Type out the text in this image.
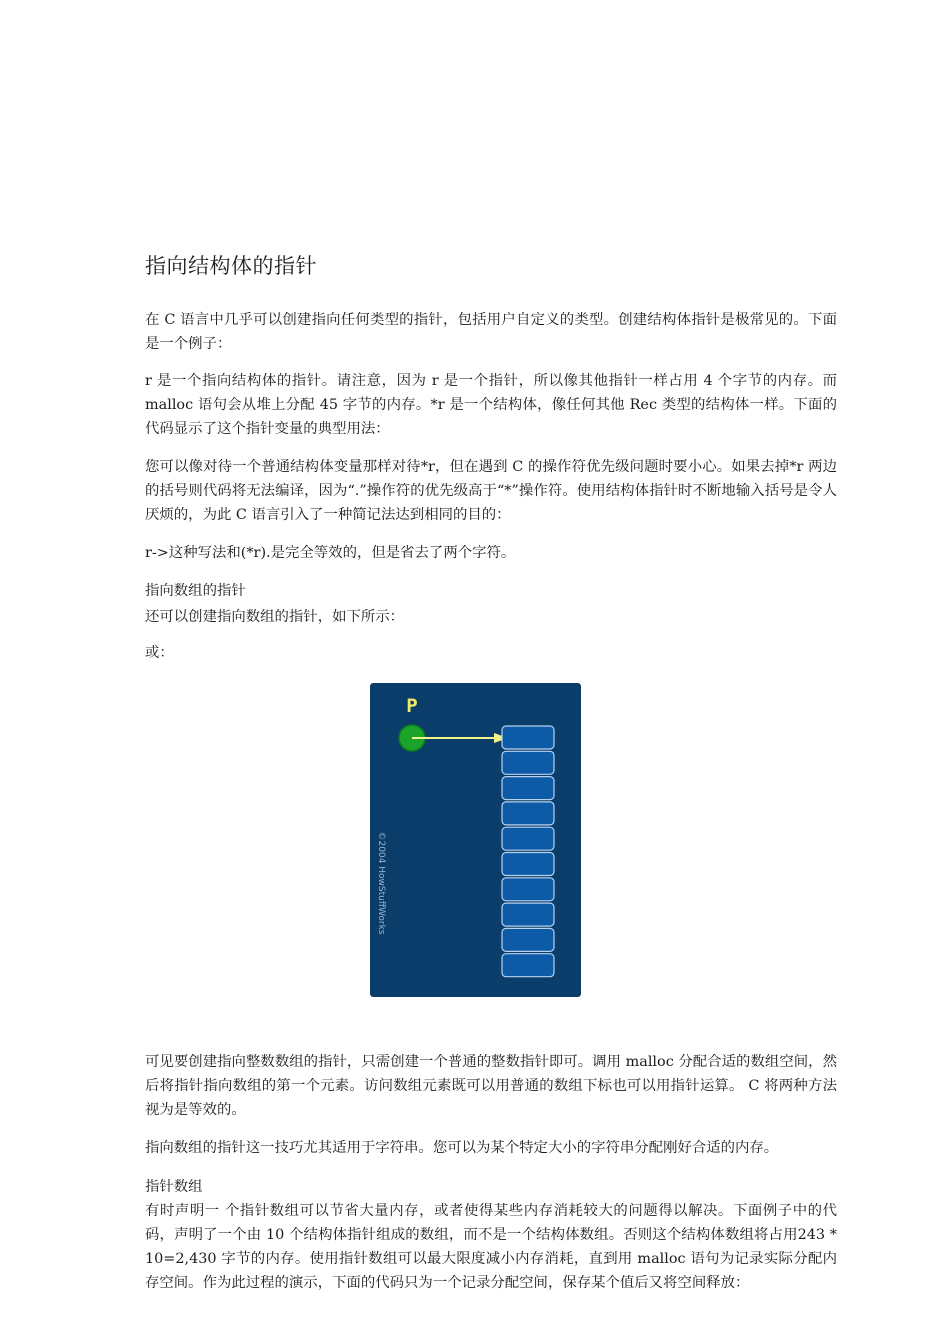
指向结构体的指针

在 C 语言中几乎可以创建指向任何类型的指针，包括用户自定义的类型。创建结构体指针是极常见的。下面是一个例子：

r 是一个指向结构体的指针。请注意，因为 r 是一个指针，所以像其他指针一样占用 4 个字节的内存。而 malloc 语句会从堆上分配 45 字节的内存。*r 是一个结构体，像任何其他 Rec 类型的结构体一样。下面的代码显示了这个指针变量的典型用法：

您可以像对待一个普通结构体变量那样对待*r，但在遇到 C 的操作符优先级问题时要小心。如果去掉*r 两边的括号则代码将无法编译，因为“.”操作符的优先级高于“*”操作符。使用结构体指针时不断地输入括号是令人厌烦的，为此 C 语言引入了一种简记法达到相同的目的：

r->这种写法和(*r).是完全等效的，但是省去了两个字符。

指向数组的指针

还可以创建指向数组的指针，如下所示：

或：

可见要创建指向整数数组的指针，只需创建一个普通的整数指针即可。调用 malloc 分配合适的数组空间，然后将指针指向数组的第一个元素。访问数组元素既可以用普通的数组下标也可以用指针运算。 C 将两种方法视为是等效的。

指向数组的指针这一技巧尤其适用于字符串。您可以为某个特定大小的字符串分配刚好合适的内存。

指针数组

有时声明一 个指针数组可以节省大量内存，或者使得某些内存消耗较大的问题得以解决。下面例子中的代码，声明了一个由 10 个结构体指针组成的数组，而不是一个结构体数组。否则这个结构体数组将占用243 * 10=2,430 字节的内存。使用指针数组可以最大限度减小内存消耗，直到用 malloc 语句为记录实际分配内存空间。作为此过程的演示，下面的代码只为一个记录分配空间，保存某个值后又将空间释放：

P
©2004 HowStuffWorks
